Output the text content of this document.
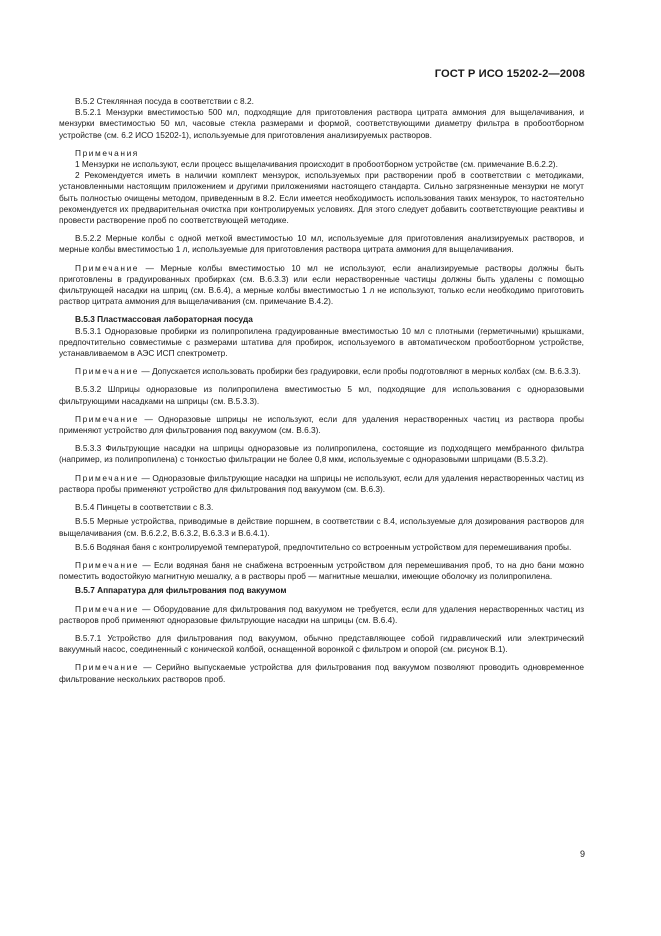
ГОСТ Р ИСО 15202-2—2008

В.5.2 Стеклянная посуда в соответствии с 8.2.

В.5.2.1 Мензурки вместимостью 500 мл, подходящие для приготовления раствора цитрата аммония для выщелачивания, и мензурки вместимостью 50 мл, часовые стекла размерами и формой, соответствующими диаметру фильтра в пробоотборном устройстве (см. 6.2 ИСО 15202-1), используемые для приготовления анализируемых растворов.

Примечания

1 Мензурки не используют, если процесс выщелачивания происходит в пробоотборном устройстве (см. примечание В.6.2.2).

2 Рекомендуется иметь в наличии комплект мензурок, используемых при растворении проб в соответствии с методиками, установленными настоящим приложением и другими приложениями настоящего стандарта. Сильно загрязненные мензурки не могут быть полностью очищены методом, приведенным в 8.2. Если имеется необходимость использования таких мензурок, то настоятельно рекомендуется их предварительная очистка при контролируемых условиях. Для этого следует добавить соответствующие реактивы и провести растворение проб по соответствующей методике.

В.5.2.2 Мерные колбы с одной меткой вместимостью 10 мл, используемые для приготовления анализируемых растворов, и мерные колбы вместимостью 1 л, используемые для приготовления раствора цитрата аммония для выщелачивания.

Примечание — Мерные колбы вместимостью 10 мл не используют, если анализируемые растворы должны быть приготовлены в градуированных пробирках (см. В.6.3.3) или если нерастворенные частицы должны быть удалены с помощью фильтрующей насадки на шприц (см. В.6.4), а мерные колбы вместимостью 1 л не используют, только если необходимо приготовить раствор цитрата аммония для выщелачивания (см. примечание В.4.2).

В.5.3 Пластмассовая лабораторная посуда

В.5.3.1 Одноразовые пробирки из полипропилена градуированные вместимостью 10 мл с плотными (герметичными) крышками, предпочтительно совместимые с размерами штатива для пробирок, используемого в автоматическом пробоотборном устройстве, устанавливаемом в АЭС ИСП спектрометр.

Примечание — Допускается использовать пробирки без градуировки, если пробы подготовляют в мерных колбах (см. В.6.3.3).

В.5.3.2 Шприцы одноразовые из полипропилена вместимостью 5 мл, подходящие для использования с одноразовыми фильтрующими насадками на шприцы (см. В.5.3.3).

Примечание — Одноразовые шприцы не используют, если для удаления нерастворенных частиц из раствора пробы применяют устройство для фильтрования под вакуумом (см. В.6.3).

В.5.3.3 Фильтрующие насадки на шприцы одноразовые из полипропилена, состоящие из подходящего мембранного фильтра (например, из полипропилена) с тонкостью фильтрации не более 0,8 мкм, используемые с одноразовыми шприцами (В.5.3.2).

Примечание — Одноразовые фильтрующие насадки на шприцы не используют, если для удаления нерастворенных частиц из раствора пробы применяют устройство для фильтрования под вакуумом (см. В.6.3).

В.5.4 Пинцеты в соответствии с 8.3.

В.5.5 Мерные устройства, приводимые в действие поршнем, в соответствии с 8.4, используемые для дозирования растворов для выщелачивания (см. В.6.2.2, В.6.3.2, В.6.3.3 и В.6.4.1).

В.5.6 Водяная баня с контролируемой температурой, предпочтительно со встроенным устройством для перемешивания пробы.

Примечание — Если водяная баня не снабжена встроенным устройством для перемешивания проб, то на дно бани можно поместить водостойкую магнитную мешалку, а в растворы проб — магнитные мешалки, имеющие оболочку из полипропилена.

В.5.7 Аппаратура для фильтрования под вакуумом

Примечание — Оборудование для фильтрования под вакуумом не требуется, если для удаления нерастворенных частиц из растворов проб применяют одноразовые фильтрующие насадки на шприцы (см. В.6.4).

В.5.7.1 Устройство для фильтрования под вакуумом, обычно представляющее собой гидравлический или электрический вакуумный насос, соединенный с конической колбой, оснащенной воронкой с фильтром и опорой (см. рисунок В.1).

Примечание — Серийно выпускаемые устройства для фильтрования под вакуумом позволяют проводить одновременное фильтрование нескольких растворов проб.

9
